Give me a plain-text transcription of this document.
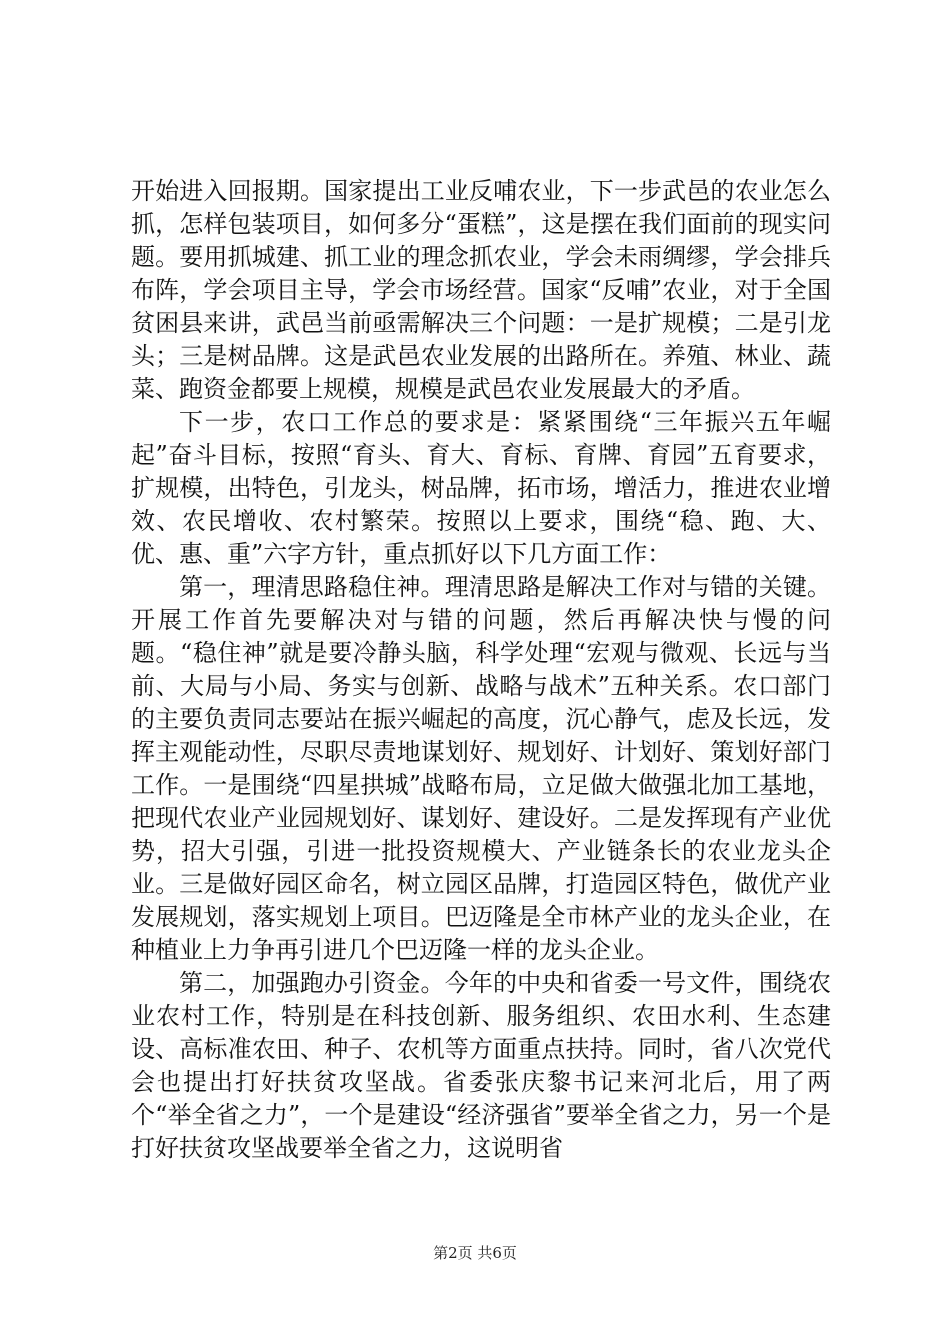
开始进入回报期。国家提出工业反哺农业，下一步武邑的农业怎么抓，怎样包装项目，如何多分“蛋糕”，这是摆在我们面前的现实问题。要用抓城建、抓工业的理念抓农业，学会未雨绸缪，学会排兵布阵，学会项目主导，学会市场经营。国家“反哺”农业，对于全国贫困县来讲，武邑当前亟需解决三个问题：一是扩规模；二是引龙头；三是树品牌。这是武邑农业发展的出路所在。养殖、林业、蔬菜、跑资金都要上规模，规模是武邑农业发展最大的矛盾。

下一步，农口工作总的要求是：紧紧围绕“三年振兴五年崛起”奋斗目标，按照“育头、育大、育标、育牌、育园”五育要求，扩规模，出特色，引龙头，树品牌，拓市场，增活力，推进农业增效、农民增收、农村繁荣。按照以上要求，围绕“稳、跑、大、优、惠、重”六字方针，重点抓好以下几方面工作：

第一，理清思路稳住神。理清思路是解决工作对与错的关键。开展工作首先要解决对与错的问题，然后再解决快与慢的问题。“稳住神”就是要冷静头脑，科学处理“宏观与微观、长远与当前、大局与小局、务实与创新、战略与战术”五种关系。农口部门的主要负责同志要站在振兴崛起的高度，沉心静气，虑及长远，发挥主观能动性，尽职尽责地谋划好、规划好、计划好、策划好部门工作。一是围绕“四星拱城”战略布局，立足做大做强北加工基地，把现代农业产业园规划好、谋划好、建设好。二是发挥现有产业优势，招大引强，引进一批投资规模大、产业链条长的农业龙头企业。三是做好园区命名，树立园区品牌，打造园区特色，做优产业发展规划，落实规划上项目。巴迈隆是全市林产业的龙头企业，在种植业上力争再引进几个巴迈隆一样的龙头企业。

第二，加强跑办引资金。今年的中央和省委一号文件，围绕农业农村工作，特别是在科技创新、服务组织、农田水利、生态建设、高标准农田、种子、农机等方面重点扶持。同时，省八次党代会也提出打好扶贫攻坚战。省委张庆黎书记来河北后，用了两个“举全省之力”，一个是建设“经济强省”要举全省之力，另一个是打好扶贫攻坚战要举全省之力，这说明省

第2页 共6页
